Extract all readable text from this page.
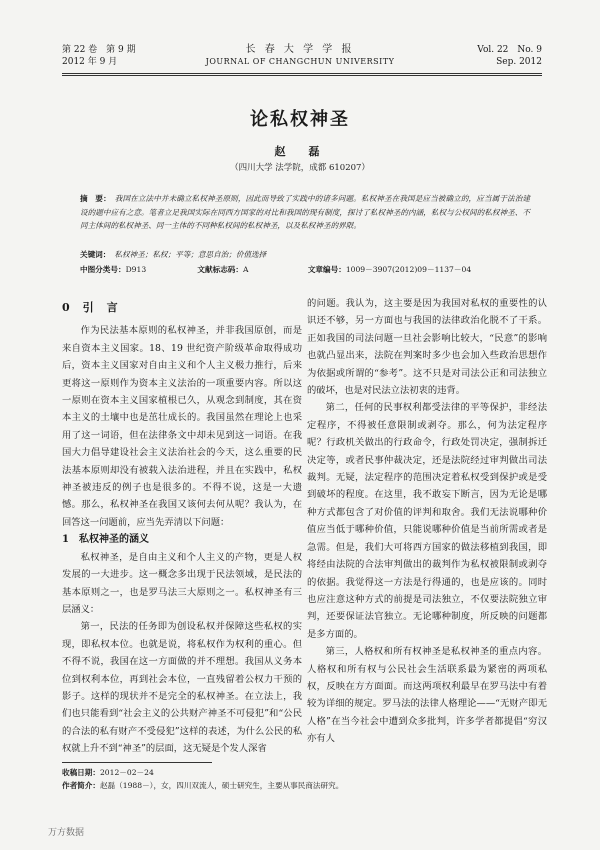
第 22 卷　第 9 期
2012 年 9 月
长 春 大 学 学 报
JOURNAL OF CHANGCHUN UNIVERSITY
Vol. 22　No. 9
Sep. 2012
论私权神圣
赵　磊
（四川大学 法学院，成都 610207）
摘　要： 我国在立法中并未确立私权神圣原则，因此而导致了实践中的诸多问题。私权神圣在我国是应当被确立的，应当属于法治建设的题中应有之意。笔者立足我国实际在同西方国家的对比和我国的现有制度，探讨了私权神圣的内涵，私权与公权间的私权神圣、不同主体间的私权神圣、同一主体的不同种私权间的私权神圣，以及私权神圣的界限。
关键词： 私权神圣；私权；平等；意思自治；价值选择
中图分类号：D913	文献标志码：A	文章编号：1009－3907(2012)09－1137－04
0　引　言

作为民法基本原则的私权神圣，并非我国原创，而是来自资本主义国家。18、19 世纪资产阶级革命取得成功后，资本主义国家对自由主义和个人主义极力推行，后来更将这一原则作为资本主义法治的一项重要内容。所以这一原则在资本主义国家植根已久，从观念到制度，其在资本主义的土壤中也是茁壮成长的。我国虽然在理论上也采用了这一词语，但在法律条文中却未见到这一词语。在我国大力倡导建设社会主义法治社会的今天，这么重要的民法基本原则却没有被载入法治进程，并且在实践中，私权神圣被违反的例子也是很多的。不得不说，这是一大遗憾。那么，私权神圣在我国又该何去何从呢？我认为，在回答这一问题前，应当先弄清以下问题：

1 私权神圣的涵义

私权神圣，是自由主义和个人主义的产物，更是人权发展的一大进步。这一概念多出现于民法领域，是民法的基本原则之一，也是罗马法三大原则之一。私权神圣有三层涵义：

第一，民法的任务即为创设私权并保障这些私权的实现，即私权本位。也就是说，将私权作为权利的重心。但不得不说，我国在这一方面做的并不理想。我国从义务本位到权利本位，再到社会本位，一直残留着公权力干预的影子。这样的现状并不是完全的私权神圣。在立法上，我们也只能看到“社会主义的公共财产神圣不可侵犯”和“公民的合法的私有财产不受侵犯”这样的表述，为什么公民的私权就上升不到“神圣”的层面，这无疑是个发人深省

的问题。我认为，这主要是因为我国对私权的重要性的认识还不够，另一方面也与我国的法律政治化脱不了干系。正如我国的司法问题一旦社会影响比较大，“民意”的影响也就凸显出来，法院在判案时多少也会加入些政治思想作为依据或所谓的“参考”。这不只是对司法公正和司法独立的破坏，也是对民法立法初衷的违背。

第二，任何的民事权利都受法律的平等保护，非经法定程序，不得被任意限制或剥夺。那么，何为法定程序呢？行政机关做出的行政命令，行政处罚决定，强制拆迁决定等，或者民事仲裁决定，还是法院经过审判做出司法裁判。无疑，法定程序的范围决定着私权受到保护或是受到破坏的程度。在这里，我不敢妄下断言，因为无论是哪种方式都包含了对价值的评判和取舍。我们无法说哪种价值应当低于哪种价值，只能说哪种价值是当前所需或者是急需。但是，我们大可将西方国家的做法移植到我国，即将经由法院的合法审判做出的裁判作为私权被限制或剥夺的依据。我觉得这一方法是行得通的，也是应该的。同时也应注意这种方式的前提是司法独立，不仅要法院独立审判，还要保证法官独立。无论哪种制度，所反映的问题都是多方面的。

第三，人格权和所有权神圣是私权神圣的重点内容。人格权和所有权与公民社会生活联系最为紧密的两项私权，反映在方方面面。而这两项权利最早在罗马法中有着较为详细的规定。罗马法的法律人格理论——“无财产即无人格”在当今社会中遭到众多批判，许多学者都提倡“穷汉亦有人

收稿日期：2012－02－24
作者简介：赵磊（1988－），女，四川双流人，硕士研究生，主要从事民商法研究。
万方数据
